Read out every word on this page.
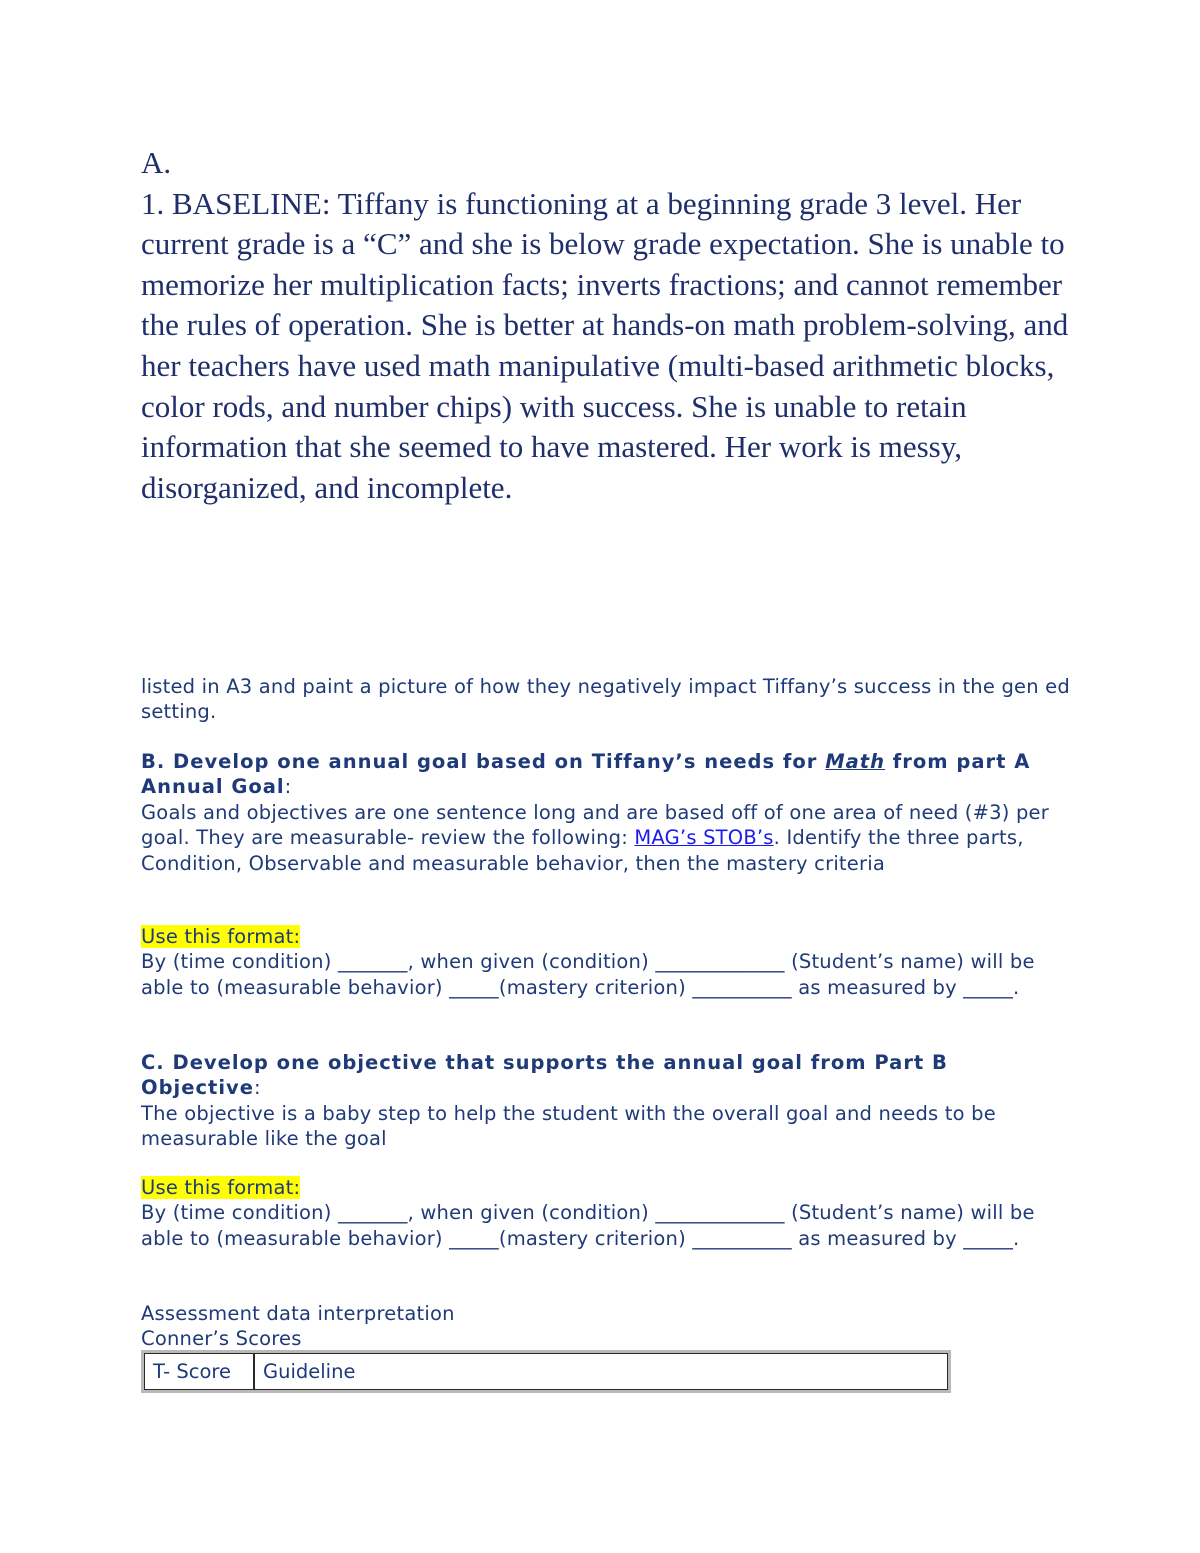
A.

1. BASELINE: Tiffany is functioning at a beginning grade 3 level. Her current grade is a “C” and she is below grade expectation. She is unable to memorize her multiplication facts; inverts fractions; and cannot remember the rules of operation. She is better at hands-on math problem-solving, and her teachers have used math manipulative (multi-based arithmetic blocks, color rods, and number chips) with success. She is unable to retain information that she seemed to have mastered. Her work is messy, disorganized, and incomplete.

listed in A3 and paint a picture of how they negatively impact Tiffany’s success in the gen ed setting.

B. Develop one annual goal based on Tiffany’s needs for Math from part A
Annual Goal:
Goals and objectives are one sentence long and are based off of one area of need (#3) per goal. They are measurable- review the following: MAG’s STOB’s. Identify the three parts, Condition, Observable and measurable behavior, then the mastery criteria

Use this format:
By (time condition) _______, when given (condition) _____________ (Student’s name) will be able to (measurable behavior) _____(mastery criterion) __________ as measured by _____.

C. Develop one objective that supports the annual goal from Part B
Objective:
The objective is a baby step to help the student with the overall goal and needs to be measurable like the goal

Use this format:
By (time condition) _______, when given (condition) _____________ (Student’s name) will be able to (measurable behavior) _____(mastery criterion) __________ as measured by _____.

Assessment data interpretation
Conner’s Scores

T- Score	Guideline
